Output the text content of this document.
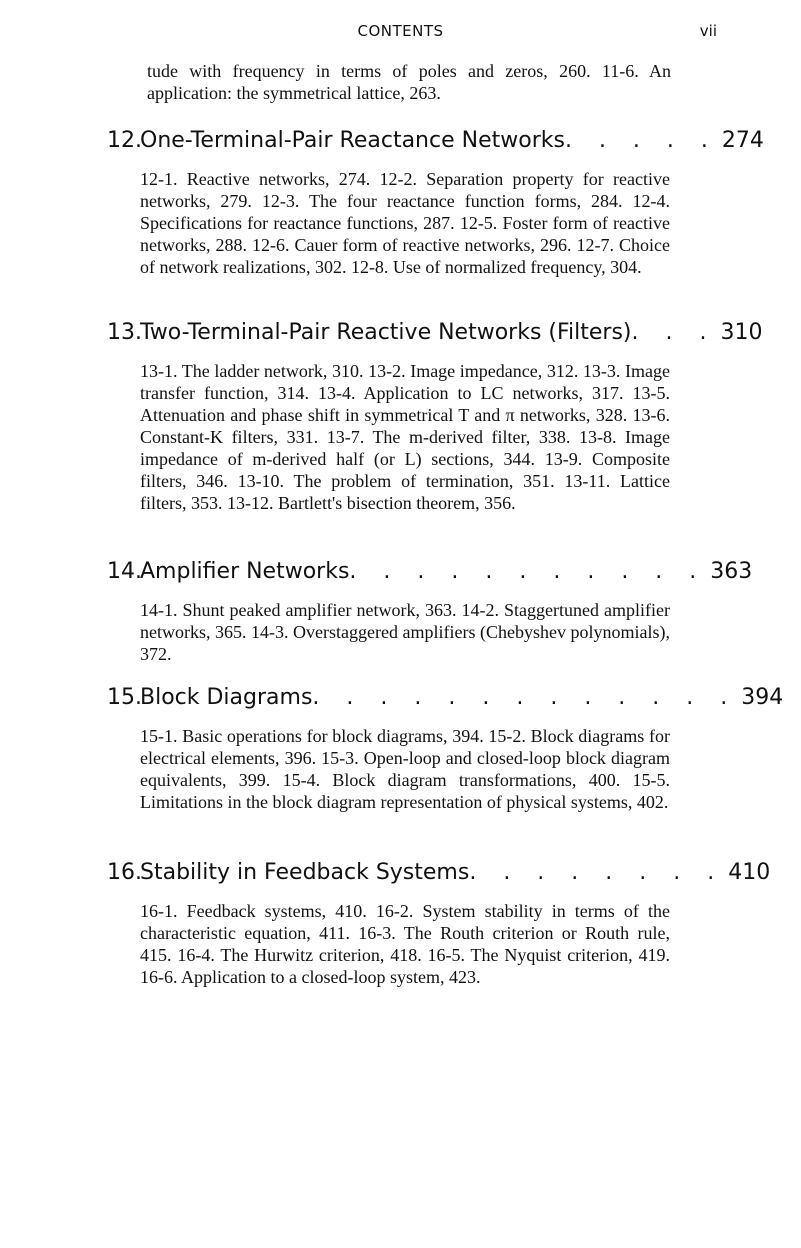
CONTENTS	vii

tude with frequency in terms of poles and zeros, 260. 11-6. An application: the symmetrical lattice, 263.

12.
One-Terminal-Pair Reactance Networks . . . . . 274

12-1. Reactive networks, 274. 12-2. Separation property for reactive networks, 279. 12-3. The four reactance function forms, 284. 12-4. Specifications for reactance functions, 287. 12-5. Foster form of reactive networks, 288. 12-6. Cauer form of reactive networks, 296. 12-7. Choice of network realizations, 302. 12-8. Use of normalized frequency, 304.

13.
Two-Terminal-Pair Reactive Networks (Filters) . . . 310

13-1. The ladder network, 310. 13-2. Image impedance, 312. 13-3. Image transfer function, 314. 13-4. Application to LC networks, 317. 13-5. Attenuation and phase shift in symmetrical T and π networks, 328. 13-6. Constant-K filters, 331. 13-7. The m-derived filter, 338. 13-8. Image impedance of m-derived half (or L) sections, 344. 13-9. Composite filters, 346. 13-10. The problem of termination, 351. 13-11. Lattice filters, 353. 13-12. Bartlett's bisection theorem, 356.

14.
Amplifier Networks . . . . . . . . . . . 363

14-1. Shunt peaked amplifier network, 363. 14-2. Staggertuned amplifier networks, 365. 14-3. Overstaggered amplifiers (Chebyshev polynomials), 372.

15.
Block Diagrams . . . . . . . . . . . . . 394

15-1. Basic operations for block diagrams, 394. 15-2. Block diagrams for electrical elements, 396. 15-3. Open-loop and closed-loop block diagram equivalents, 399. 15-4. Block diagram transformations, 400. 15-5. Limitations in the block diagram representation of physical systems, 402.

16.
Stability in Feedback Systems . . . . . . . . 410

16-1. Feedback systems, 410. 16-2. System stability in terms of the characteristic equation, 411. 16-3. The Routh criterion or Routh rule, 415. 16-4. The Hurwitz criterion, 418. 16-5. The Nyquist criterion, 419. 16-6. Application to a closed-loop system, 423.
